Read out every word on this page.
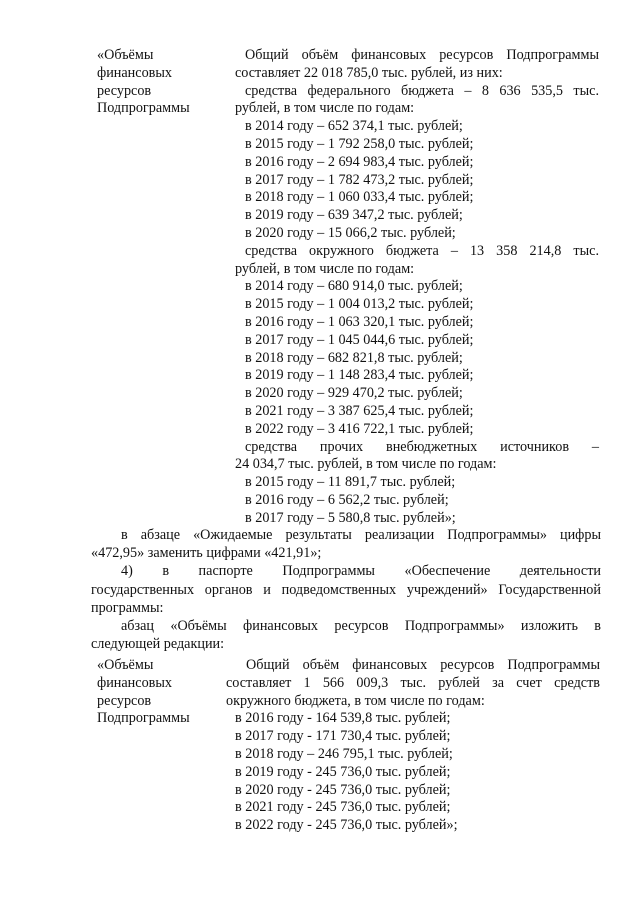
«Объёмы
финансовых
ресурсов
Подпрограммы
Общий объём финансовых ресурсов Подпрограммы
составляет 22 018 785,0 тыс. рублей, из них:
средства федерального бюджета – 8 636 535,5 тыс.
рублей, в том числе по годам:
в 2014 году – 652 374,1 тыс. рублей;
в 2015 году – 1 792 258,0 тыс. рублей;
в 2016 году – 2 694 983,4 тыс. рублей;
в 2017 году – 1 782 473,2 тыс. рублей;
в 2018 году – 1 060 033,4 тыс. рублей;
в 2019 году – 639 347,2 тыс. рублей;
в 2020 году – 15 066,2 тыс. рублей;
средства окружного бюджета – 13 358 214,8 тыс.
рублей, в том числе по годам:
в 2014 году – 680 914,0 тыс. рублей;
в 2015 году – 1 004 013,2 тыс. рублей;
в 2016 году – 1 063 320,1 тыс. рублей;
в 2017 году – 1 045 044,6 тыс. рублей;
в 2018 году – 682 821,8 тыс. рублей;
в 2019 году – 1 148 283,4 тыс. рублей;
в 2020 году – 929 470,2 тыс. рублей;
в 2021 году – 3 387 625,4 тыс. рублей;
в 2022 году – 3 416 722,1 тыс. рублей;
средства прочих внебюджетных источников –
24 034,7 тыс. рублей, в том числе по годам:
в 2015 году – 11 891,7 тыс. рублей;
в 2016 году – 6 562,2 тыс. рублей;
в 2017 году – 5 580,8 тыс. рублей»;
в абзаце «Ожидаемые результаты реализации Подпрограммы» цифры
«472,95» заменить цифрами «421,91»;
4) в паспорте Подпрограммы «Обеспечение деятельности
государственных органов и подведомственных учреждений» Государственной
программы:
абзац «Объёмы финансовых ресурсов Подпрограммы» изложить в
следующей редакции:
«Объёмы
финансовых
ресурсов
Подпрограммы
Общий объём финансовых ресурсов Подпрограммы
составляет 1 566 009,3 тыс. рублей за счет средств
окружного бюджета, в том числе по годам:
в 2016 году - 164 539,8 тыс. рублей;
в 2017 году - 171 730,4 тыс. рублей;
в 2018 году – 246 795,1 тыс. рублей;
в 2019 году - 245 736,0 тыс. рублей;
в 2020 году - 245 736,0 тыс. рублей;
в 2021 году - 245 736,0 тыс. рублей;
в 2022 году - 245 736,0 тыс. рублей»;
